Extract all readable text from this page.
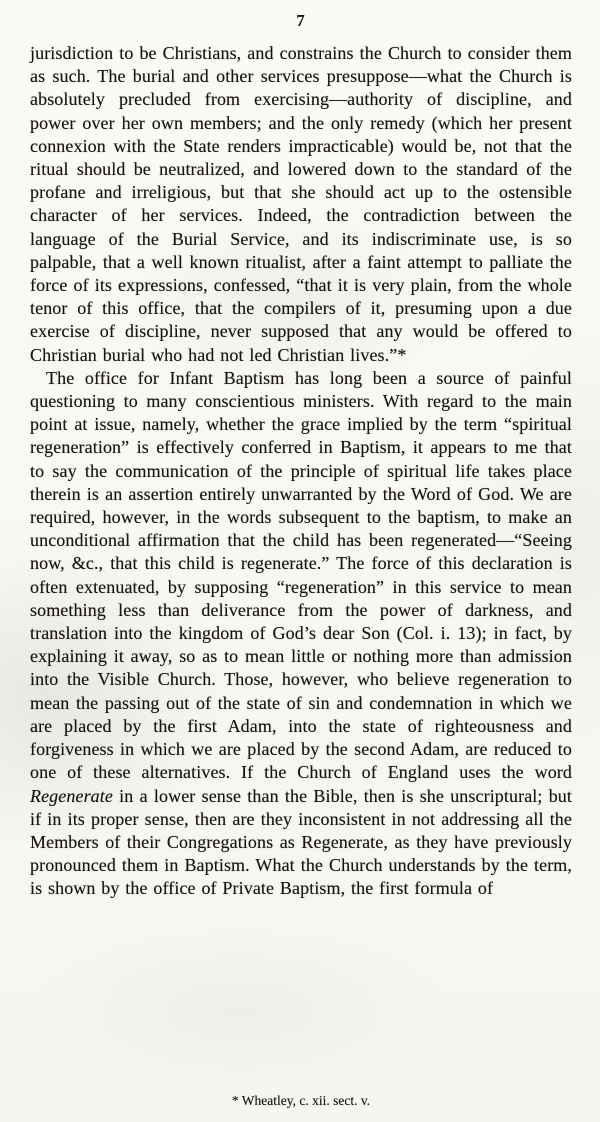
7

jurisdiction to be Christians, and constrains the Church to consider them as such. The burial and other services presuppose—what the Church is absolutely precluded from exercising—authority of discipline, and power over her own members; and the only remedy (which her present connexion with the State renders impracticable) would be, not that the ritual should be neutralized, and lowered down to the standard of the profane and irreligious, but that she should act up to the ostensible character of her services. Indeed, the contradiction between the language of the Burial Service, and its indiscriminate use, is so palpable, that a well known ritualist, after a faint attempt to palliate the force of its expressions, confessed, “that it is very plain, from the whole tenor of this office, that the compilers of it, presuming upon a due exercise of discipline, never supposed that any would be offered to Christian burial who had not led Christian lives.”*

The office for Infant Baptism has long been a source of painful questioning to many conscientious ministers. With regard to the main point at issue, namely, whether the grace implied by the term “spiritual regeneration” is effectively conferred in Baptism, it appears to me that to say the communication of the principle of spiritual life takes place therein is an assertion entirely unwarranted by the Word of God. We are required, however, in the words subsequent to the baptism, to make an unconditional affirmation that the child has been regenerated—“Seeing now, &c., that this child is regenerate.” The force of this declaration is often extenuated, by supposing “regeneration” in this service to mean something less than deliverance from the power of darkness, and translation into the kingdom of God’s dear Son (Col. i. 13); in fact, by explaining it away, so as to mean little or nothing more than admission into the Visible Church. Those, however, who believe regeneration to mean the passing out of the state of sin and condemnation in which we are placed by the first Adam, into the state of righteousness and forgiveness in which we are placed by the second Adam, are reduced to one of these alternatives. If the Church of England uses the word Regenerate in a lower sense than the Bible, then is she unscriptural; but if in its proper sense, then are they inconsistent in not addressing all the Members of their Congregations as Regenerate, as they have previously pronounced them in Baptism. What the Church understands by the term, is shown by the office of Private Baptism, the first formula of

* Wheatley, c. xii. sect. v.
